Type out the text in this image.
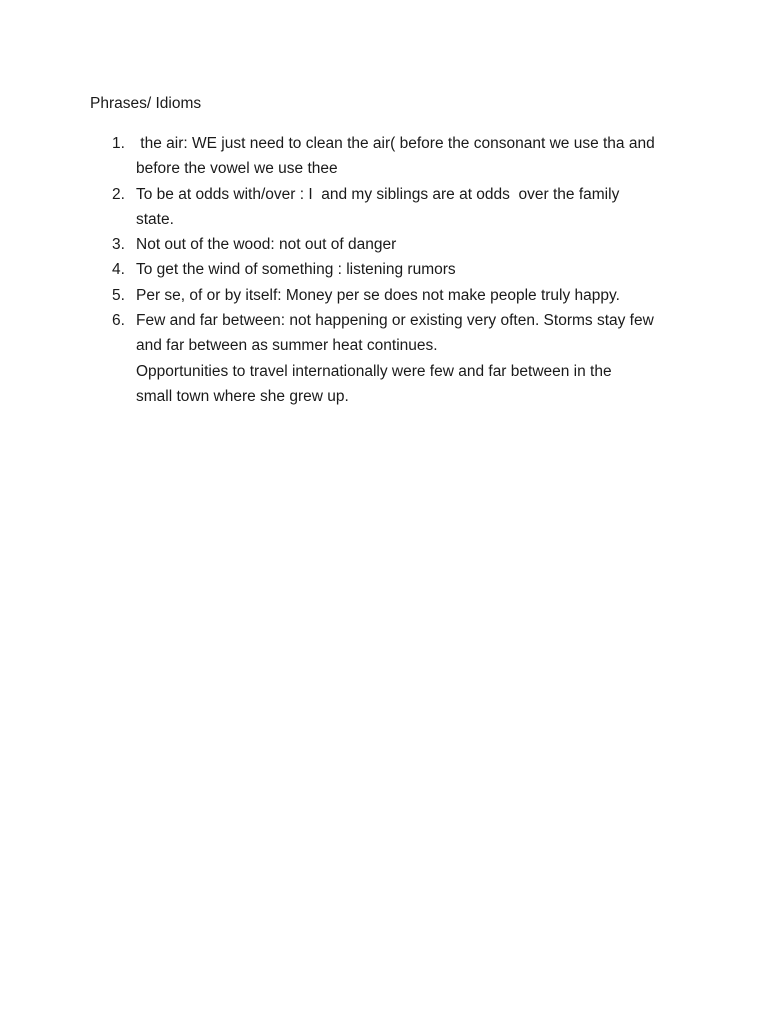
Phrases/ Idioms
1. the air: WE just need to clean the air( before the consonant we use tha and
before the vowel we use thee
2. To be at odds with/over : I  and my siblings are at odds  over the family
state.
3. Not out of the wood: not out of danger
4. To get the wind of something : listening rumors
5. Per se, of or by itself: Money per se does not make people truly happy.
6. Few and far between: not happening or existing very often. Storms stay few
and far between as summer heat continues.
Opportunities to travel internationally were few and far between in the
small town where she grew up.
